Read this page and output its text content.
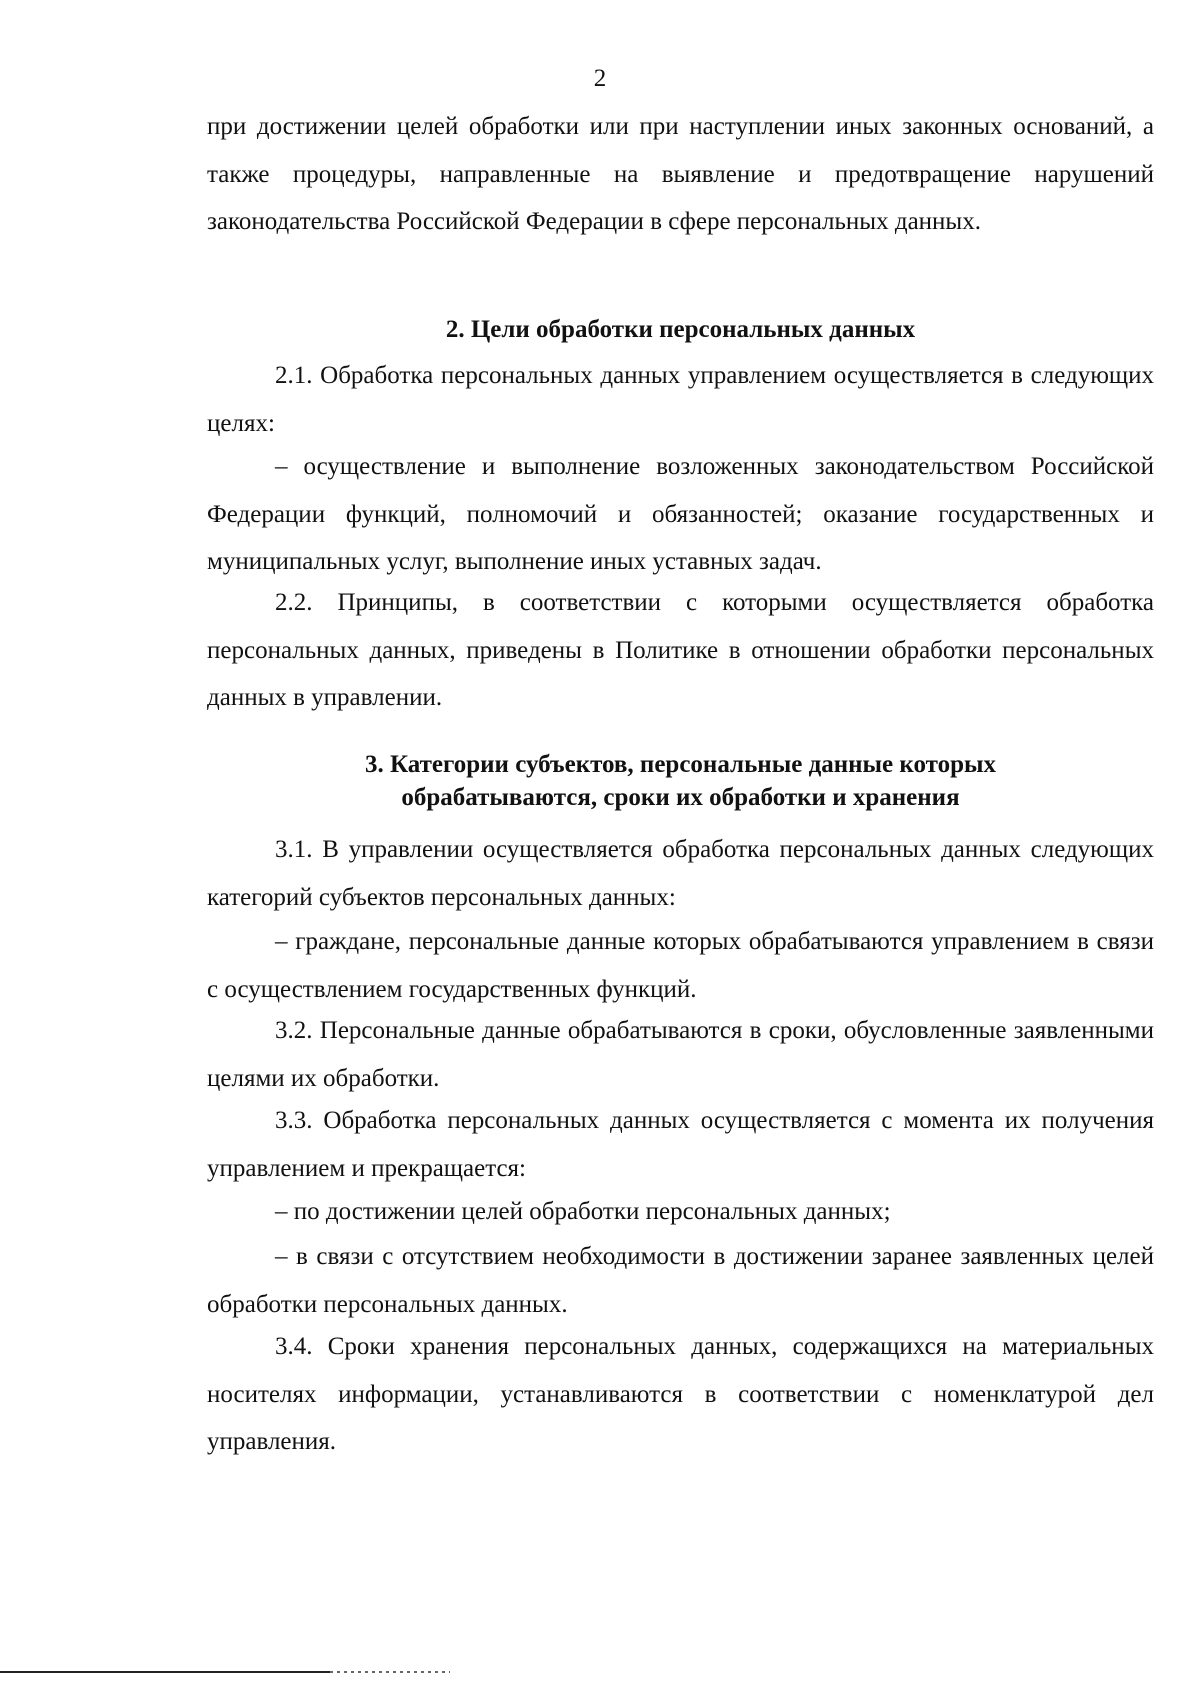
2

при достижении целей обработки или при наступлении иных законных оснований, а также процедуры, направленные на выявление и предотвращение нарушений законодательства Российской Федерации в сфере персональных данных.

2. Цели обработки персональных данных

2.1. Обработка персональных данных управлением осуществляется в следующих целях:

– осуществление и выполнение возложенных законодательством Российской Федерации функций, полномочий и обязанностей; оказание государственных и муниципальных услуг, выполнение иных уставных задач.

2.2. Принципы, в соответствии с которыми осуществляется обработка персональных данных, приведены в Политике в отношении обработки персональных данных в управлении.

3. Категории субъектов, персональные данные которых
обрабатываются, сроки их обработки и хранения

3.1. В управлении осуществляется обработка персональных данных следующих категорий субъектов персональных данных:

– граждане, персональные данные которых обрабатываются управлением в связи с осуществлением государственных функций.

3.2. Персональные данные обрабатываются в сроки, обусловленные заявленными целями их обработки.

3.3. Обработка персональных данных осуществляется с момента их получения управлением и прекращается:

– по достижении целей обработки персональных данных;

– в связи с отсутствием необходимости в достижении заранее заявленных целей обработки персональных данных.

3.4. Сроки хранения персональных данных, содержащихся на материальных носителях информации, устанавливаются в соответствии с номенклатурой дел управления.
